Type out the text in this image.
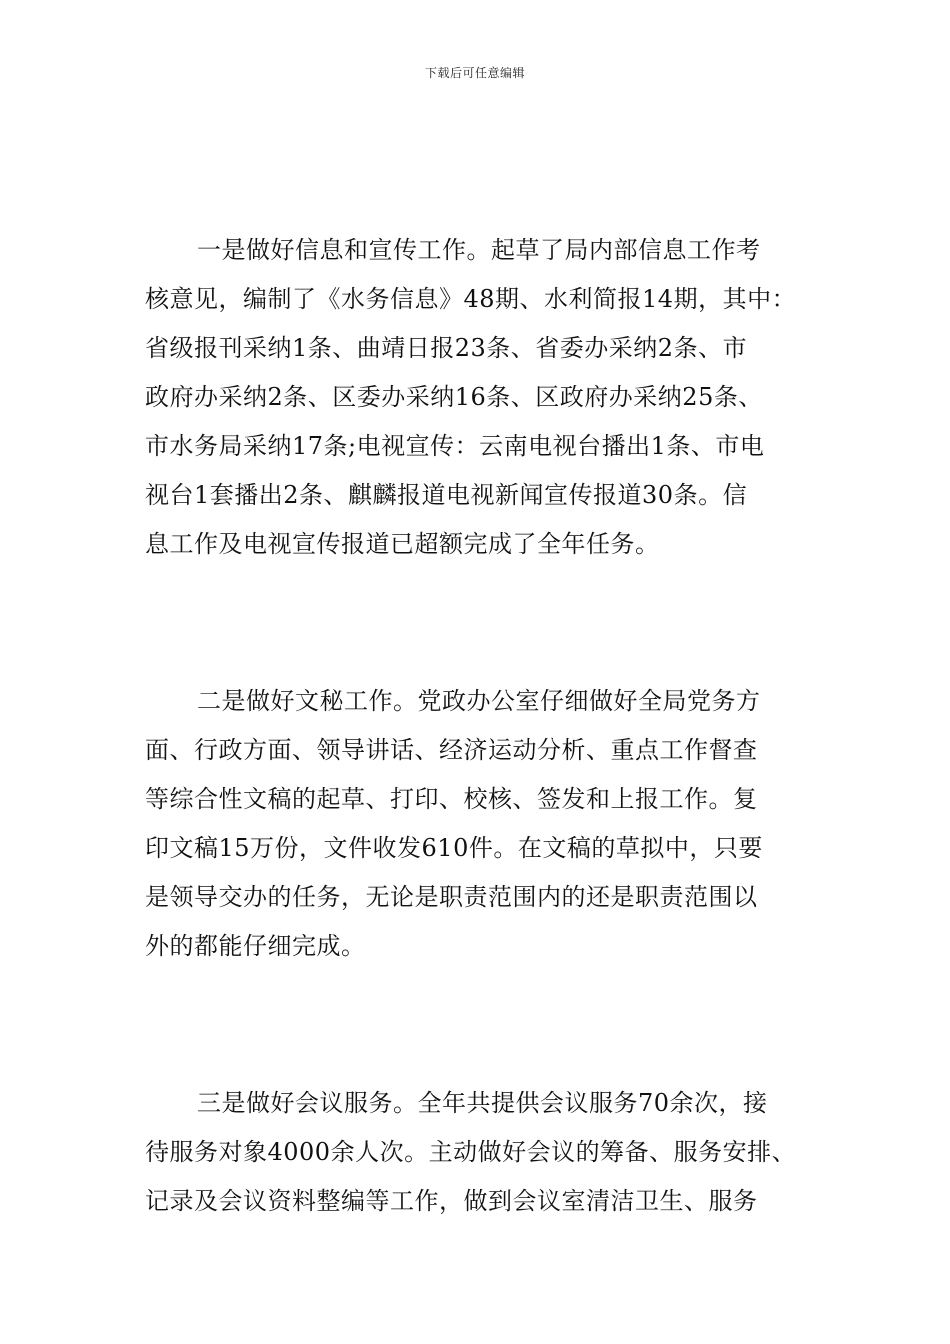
下载后可任意编辑

一是做好信息和宣传工作。起草了局内部信息工作考
核意见，编制了《水务信息》48期、水利简报14期，其中：
省级报刊采纳1条、曲靖日报23条、省委办采纳2条、市
政府办采纳2条、区委办采纳16条、区政府办采纳25条、
市水务局采纳17条;电视宣传：云南电视台播出1条、市电
视台1套播出2条、麒麟报道电视新闻宣传报道30条。信
息工作及电视宣传报道已超额完成了全年任务。

二是做好文秘工作。党政办公室仔细做好全局党务方
面、行政方面、领导讲话、经济运动分析、重点工作督查
等综合性文稿的起草、打印、校核、签发和上报工作。复
印文稿15万份，文件收发610件。在文稿的草拟中，只要
是领导交办的任务，无论是职责范围内的还是职责范围以
外的都能仔细完成。

三是做好会议服务。全年共提供会议服务70余次，接
待服务对象4000余人次。主动做好会议的筹备、服务安排、
记录及会议资料整编等工作，做到会议室清洁卫生、服务
